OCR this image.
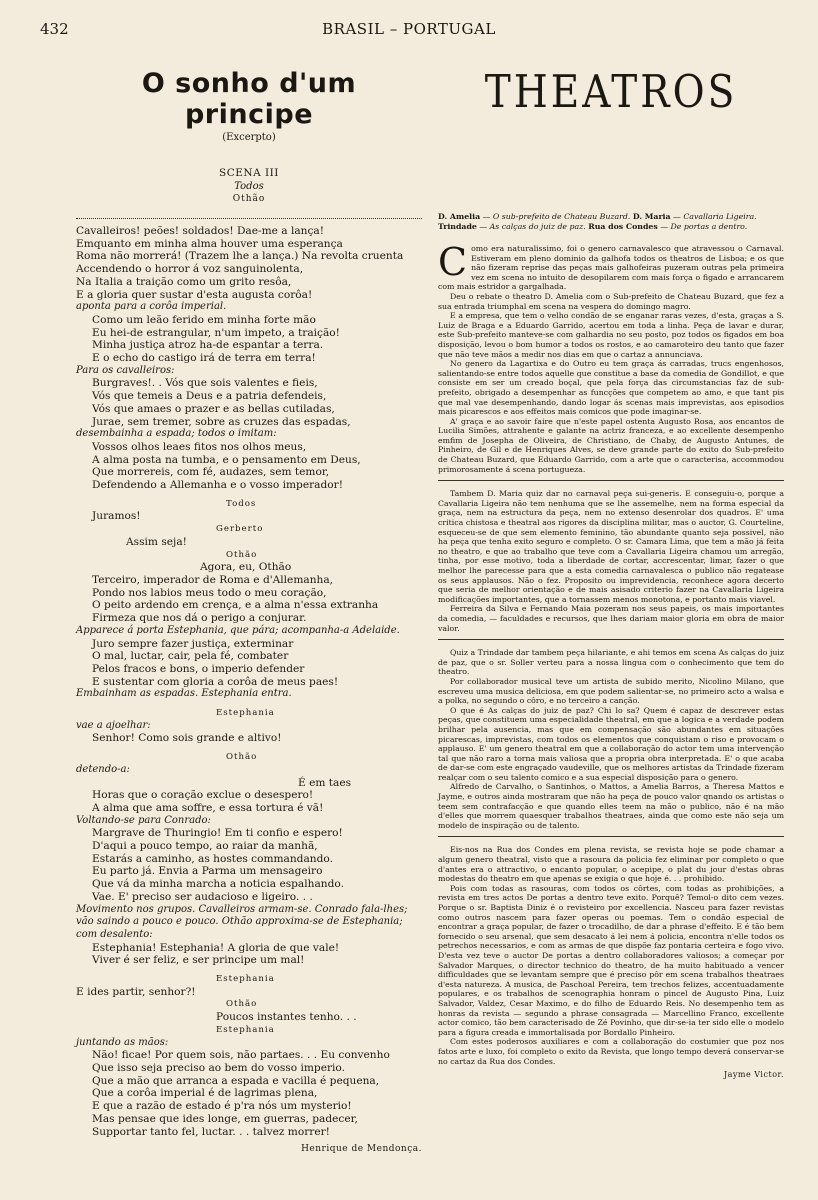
432	BRASIL – PORTUGAL
O sonho d'um principe

(Excerpto)

SCENA III

Todos

Othão

Cavalleiros! peões! soldados! Dae-me a lança!
Emquanto em minha alma houver uma esperança
Roma não morrerá! (Trazem lhe a lança.) Na revolta cruenta
Accendendo o horror á voz sanguinolenta,
Na Italia a traição como um grito resôa,
E a gloria quer sustar d'esta augusta corôa!
aponta para a corôa imperial.
Como um leão ferido em minha forte mão
Eu hei-de estrangular, n'um impeto, a traição!
Minha justiça atroz ha-de espantar a terra.
E o echo do castigo irá de terra em terra!
Para os cavalleiros:
Burgraves!. . Vós que sois valentes e fieis,
Vós que temeis a Deus e a patria defendeis,
Vós que amaes o prazer e as bellas cutiladas,
Jurae, sem tremer, sobre as cruzes das espadas,
desembainha a espada; todos o imitam:
Vossos olhos leaes fitos nos olhos meus,
A alma posta na tumba, e o pensamento em Deus,
Que morrereis, com fé, audazes, sem temor,
Defendendo a Allemanha e o vosso imperador!
Todos
Juramos!
Gerberto
Assim seja!
Othão
Agora, eu, Othão
Terceiro, imperador de Roma e d'Allemanha,
Pondo nos labios meus todo o meu coração,
O peito ardendo em crença, e a alma n'essa extranha
Firmeza que nos dá o perigo a conjurar.
Apparece á porta Estephania, que pára; acompanha-a Adelaide.
Juro sempre fazer justiça, exterminar
O mal, luctar, cair, pela fé, combater
Pelos fracos e bons, o imperio defender
E sustentar com gloria a corôa de meus paes!
Embainham as espadas. Estephania entra.
Estephania
vae a ajoelhar:
Senhor! Como sois grande e altivo!
Othão
detendo-a:
É em taes
Horas que o coração exclue o desespero!
A alma que ama soffre, e essa tortura é vã!
Voltando-se para Conrado:
Margrave de Thuringio! Em ti confio e espero!
D'aqui a pouco tempo, ao raiar da manhã,
Estarás a caminho, as hostes commandando.
Eu parto já. Envia a Parma um mensageiro
Que vá da minha marcha a noticia espalhando.
Vae. E' preciso ser audacioso e ligeiro. . .
Movimento nos grupos. Cavalleiros armam-se. Conrado fala-lhes; vão saindo a pouco e pouco. Othão approxima-se de Estephania; com desalento:
Estephania! Estephania! A gloria de que vale!
Viver é ser feliz, e ser principe um mal!
Estephania
E ides partir, senhor?!
Othão
Poucos instantes tenho. . .
Estephania
juntando as mãos:
Não! ficae! Por quem sois, não partaes. . . Eu convenho
Que isso seja preciso ao bem do vosso imperio.
Que a mão que arranca a espada e vacilla é pequena,
Que a corôa imperial é de lagrimas plena,
E que a razão de estado é p'ra nós um mysterio!
Mas pensae que ides longe, em guerras, padecer,
Supportar tanto fel, luctar. . . talvez morrer!
Henrique de Mendonça.
THEATROS
D. Amelia — O sub-prefeito de Chateau Buzard. D. Maria — Cavallaria Ligeira. Trindade — As calças do juiz de paz. Rua dos Condes — De portas a dentro.

Como era naturalissimo, foi o genero carnavalesco que atravessou o Carnaval. Estiveram em pleno dominio da galhofa todos os theatros de Lisboa; e os que não fizeram reprise das peças mais galhofeiras puzeram outras pela primeira vez em scena no intuito de desopilarem com mais força o figado e arrancarem com mais estridor a gargalhada.

Deu o rebate o theatro D. Amelia com o Sub-prefeito de Chateau Buzard, que fez a sua entrada triumphal em scena na vespera do domingo magro.

E a empresa, que tem o velho condão de se enganar raras vezes, d'esta, graças a S. Luiz de Braga e a Eduardo Garrido, acertou em toda a linha. Peça de lavar e durar, este Sub-prefeito manteve-se com galhardia no seu posto, poz todos os figados em boa disposição, levou o bom humor a todos os rostos, e ao camaroteiro deu tanto que fazer que não teve mãos a medir nos dias em que o cartaz a annunciava.

No genero da Lagartixa e do Outro eu tem graça ás carradas, trucs engenhosos, salientando-se entre todos aquelle que constitue a base da comedia de Gondillot, e que consiste em ser um creado boçal, que pela força das circumstancias faz de sub-prefeito, obrigado a desempenhar as funcções que competem ao amo, e que tant pis que mal vae desempenhando, dando logar ás scenas mais imprevistas, aos episodios mais picarescos e aos effeitos mais comicos que pode imaginar-se.

A' graça e ao savoir faire que n'este papel ostenta Augusto Rosa, aos encantos de Lucilia Simões, attrahente e galante na actriz franceza, e ao excellente desempenho emfim de Josepha de Oliveira, de Christiano, de Chaby, de Augusto Antunes, de Pinheiro, de Gil e de Henriques Alves, se deve grande parte do exito do Sub-prefeito de Chateau Buzard, que Eduardo Garrido, com a arte que o caracterisa, accommodou primorosamente á scena portugueza.

Tambem D. Maria quiz dar no carnaval peça sui-generis. E conseguiu-o, porque a Cavallaria Ligeira não tem nenhuma que se lhe assemelhe, nem na forma especial da graça, nem na estructura da peça, nem no extenso desenrolar dos quadros. E' uma critica chistosa e theatral aos rigores da disciplina militar, mas o auctor, G. Courteline, esqueceu-se de que sem elemento feminino, tão abundante quanto seja possivel, não ha peça que tenha exito seguro e completo. O sr. Camara Lima, que tem a mão já feita no theatro, e que ao trabalho que teve com a Cavallaria Ligeira chamou um arregão, tinha, por esse motivo, toda a liberdade de cortar, accrescentar, limar, fazer o que melhor lhe parecesse para que a esta comedia carnavalesca o publico não regatease os seus applausos. Não o fez. Proposito ou imprevidencia, reconhece agora decerto que seria de melhor orientação e de mais asisado criterio fazer na Cavallaria Ligeira modificações importantes, que a tornassem menos monotona, e portanto mais viavel.

Ferreira da Silva e Fernando Maia pozeram nos seus papeis, os mais importantes da comedia, — faculdades e recursos, que lhes dariam maior gloria em obra de maior valor.

Quiz a Trindade dar tambem peça hilariante, e ahi temos em scena As calças do juiz de paz, que o sr. Soller verteu para a nossa lingua com o conhecimento que tem do theatro.

Por collaborador musical teve um artista de subido merito, Nicolino Milano, que escreveu uma musica deliciosa, em que podem salientar-se, no primeiro acto a walsa e a polka, no segundo o côro, e no terceiro a canção.

O que é As calças do juiz de paz? Chi lo sa? Quem é capaz de descrever estas peças, que constituem uma especialidade theatral, em que a logica e a verdade podem brilhar pela ausencia, mas que em compensação são abundantes em situações picarescas, imprevistas, com todos os elementos que conquistam o riso e provocam o applauso. E' um genero theatral em que a collaboração do actor tem uma intervenção tal que não raro a torna mais valiosa que a propria obra interpretada. E' o que acaba de dar-se com este engraçado vaudeville, que os melhores artistas da Trindade fizeram realçar com o seu talento comico e a sua especial disposição para o genero.

Alfredo de Carvalho, o Santinhos, o Mattos, a Amelia Barros, a Theresa Mattos e Jayme, e outros ainda mostraram que não ha peça de pouco valor qnando os artistas o teem sem contrafacção e que quando elles teem na mão o publico, não é na mão d'elles que morrem quaesquer trabalhos theatraes, ainda que como este não seja um modelo de inspiração ou de talento.

Eis-nos na Rua dos Condes em plena revista, se revista hoje se pode chamar a algum genero theatral, visto que a rasoura da policia fez eliminar por completo o que d'antes era o attractivo, o encanto popular, o acepipe, o plat du jour d'estas obras modestas do theatro em que apenas se exigia o que hoje é. . . prohibido.

Pois com todas as rasouras, com todos os côrtes, com todas as prohibições, a revista em tres actos De portas a dentro teve exito. Porquê? Temol-o dito cem vezes. Porque o sr. Baptista Diniz é o revisteiro por excellencia. Nasceu para fazer revistas como outros nascem para fazer operas ou poemas. Tem o condão especial de encontrar a graça popular, de fazer o trocadilho, de dar a phrase d'effeito. E é tão bem fornecido o seu arsenal, que sem desacato á lei nem á policia, encontra n'elle todos os petrechos necessarios, e com as armas de que dispõe faz pontaria certeira e fogo vivo. D'esta vez teve o auctor De portas a dentro collaboradores valiosos; a começar por Salvador Marques, o director technico do theatro, de ha muito habituado a vencer difficuldades que se levantam sempre que é preciso pôr em scena trabalhos theatraes d'esta natureza. A musica, de Paschoal Pereira, tem trechos felizes, accentuadamente populares, e os trabalhos de scenographia honram o pincel de Augusto Pina, Luiz Salvador, Valdez, Cesar Maximo, e do filho de Eduardo Reis. No desempenho tem as honras da revista — segundo a phrase consagrada — Marcellino Franco, excellente actor comico, tão bem caracterisado de Zé Povinho, que dir-se-ia ter sido elle o modelo para a figura creada e immortalisada por Bordallo Pinheiro.

Com estes poderosos auxiliares e com a collaboração do costumier que poz nos fatos arte e luxo, foi completo o exito da Revista, que longo tempo deverá conservar-se no cartaz da Rua dos Condes.

Jayme Victor.
